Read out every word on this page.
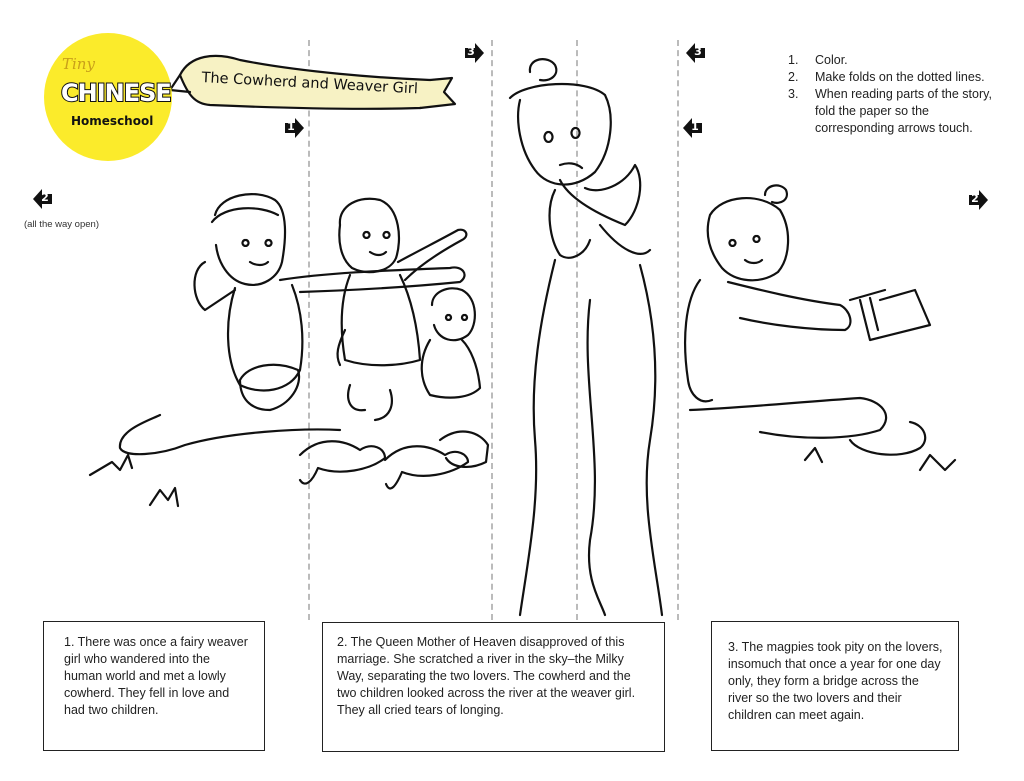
Tiny
CHINESE
Homeschool
The Cowherd and Weaver Girl
1	1
2	2
3	3
(all the way open)
1. Color.
2. Make folds on the dotted lines.
3. When reading parts of the story, fold the paper so the corresponding arrows touch.
1. There was once a fairy weaver girl who wandered into the human world and met a lowly cowherd. They fell in love and had two children.
2. The Queen Mother of Heaven disapproved of this marriage. She scratched a river in the sky–the Milky Way, separating the two lovers. The cowherd and the two children looked across the river at the weaver girl. They all cried tears of longing.
3. The magpies took pity on the lovers, insomuch that once a year for one day only, they form a bridge across the river so the two lovers and their children can meet again.
